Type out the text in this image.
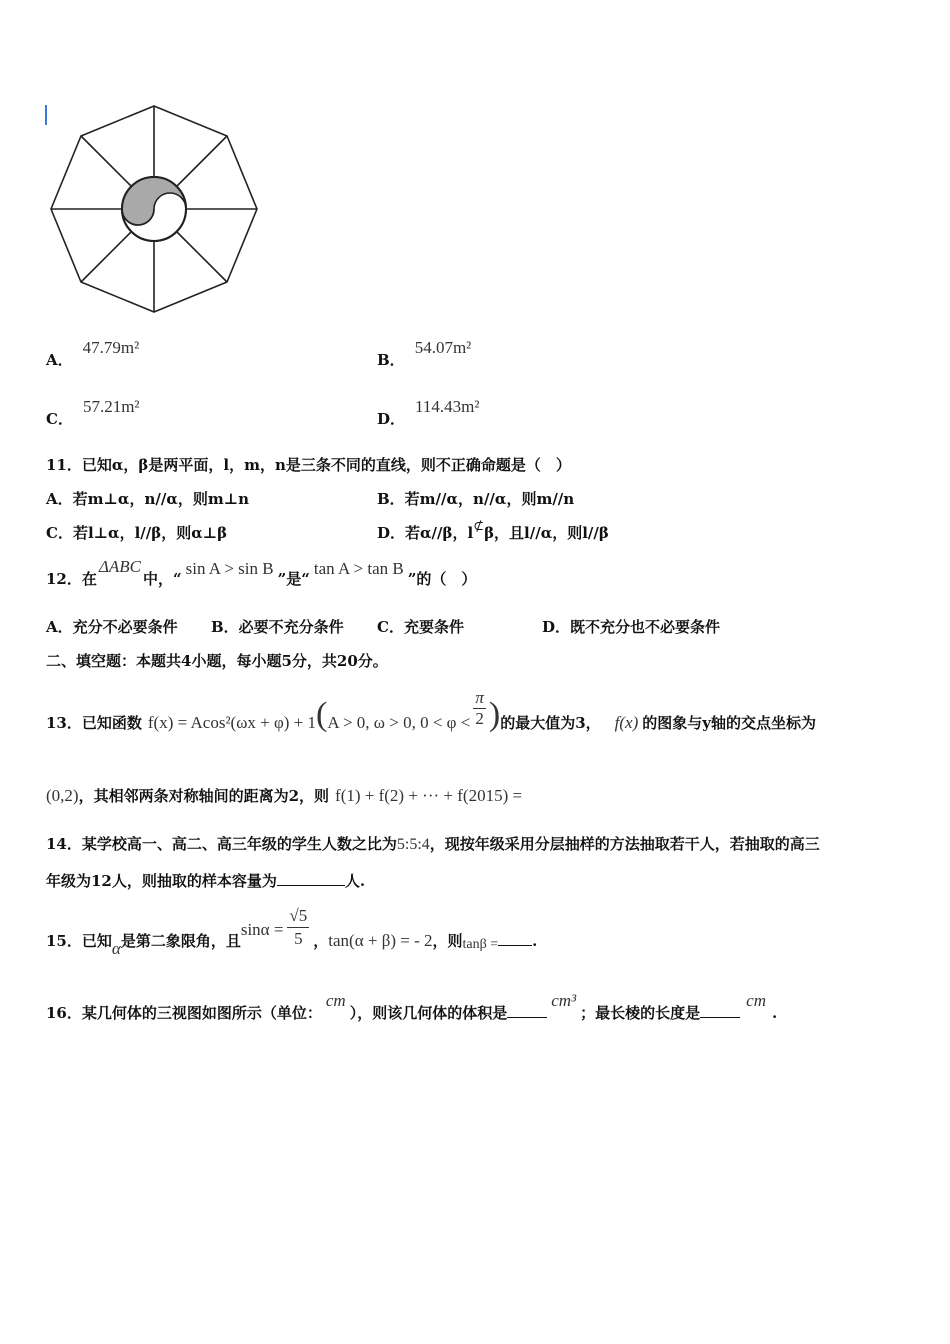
A．47.79m²
B．54.07m²
C．57.21m²
D．114.43m²
11．已知α，β是两平面，l，m，n是三条不同的直线，则不正确命题是（　）
A．若m⊥α，n//α，则m⊥n	B．若m//α，n//α，则m//n
C．若l⊥α，l//β，则α⊥β	D．若α//β，l⊄β，且l//α，则l//β
12．在ΔABC中，“sin A > sin B”是“tan A > tan B”的（　）
A．充分不必要条件 B．必要不充分条件 C．充要条件	D．既不充分也不必要条件
二、填空题：本题共4小题，每小题5分，共20分。
13．已知函数 f(x) = Acos²(ωx + φ) + 1(A > 0, ω > 0, $0 < \varphi < \frac{\pi}{2}$ )的最大值为3， f(x) 的图象与y轴的交点坐标为
(0,2)，其相邻两条对称轴间的距离为2，则 f(1) + f(2) + ··· + f(2015) =
14．某学校高一、高二、高三年级的学生人数之比为5:5:4，现按年级采用分层抽样的方法抽取若干人，若抽取的高三
年级为12人，则抽取的样本容量为	人.
15．已知α是第二象限角，且$\sin\alpha = \frac{√5}{5}$ ，tan(α + β) = - 2，则tanβ = .
16．某几何体的三视图如图所示（单位：cm），则该几何体的体积是cm³；最长棱的长度是cm.
